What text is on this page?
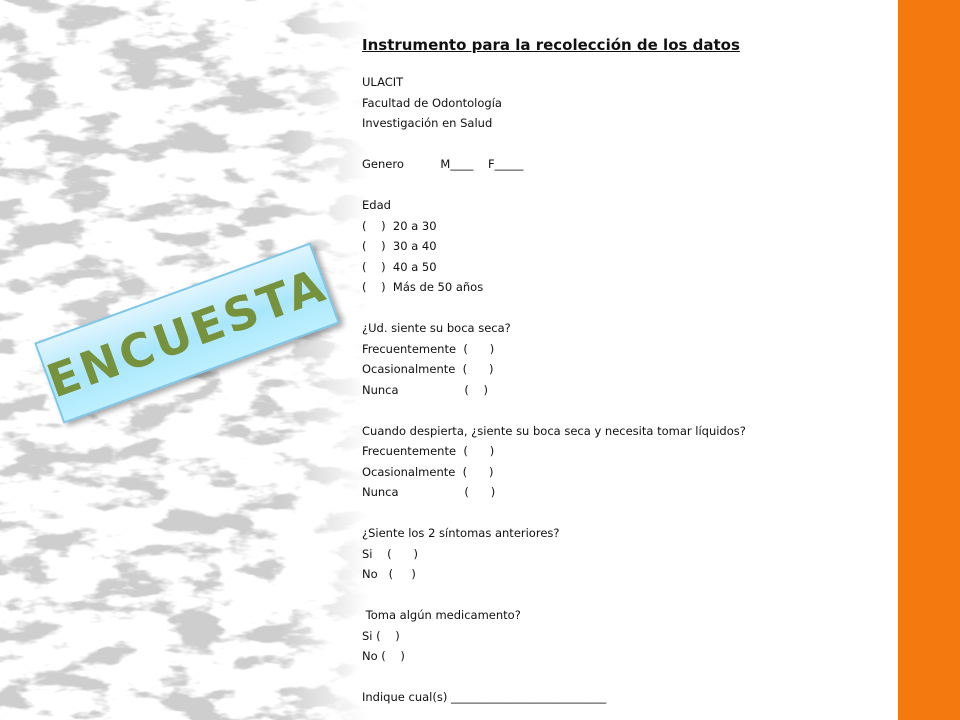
Instrumento para la recolección de los datos
ULACIT
Facultad de Odontología
Investigación en Salud
Genero          M____    F_____
Edad
(    )  20 a 30
(    )  30 a 40
(    )  40 a 50
(    )  Más de 50 años
¿Ud. siente su boca seca?
Frecuentemente  (      )
Ocasionalmente  (      )
Nunca                  (    )
Cuando despierta, ¿siente su boca seca y necesita tomar líquidos?
Frecuentemente  (      )
Ocasionalmente  (      )
Nunca                  (      )
¿Siente los 2 síntomas anteriores?
Si    (      )
No   (     )
Toma algún medicamento?
Si (    )
No (    )
Indique cual(s) ___________________________
ENCUESTA
